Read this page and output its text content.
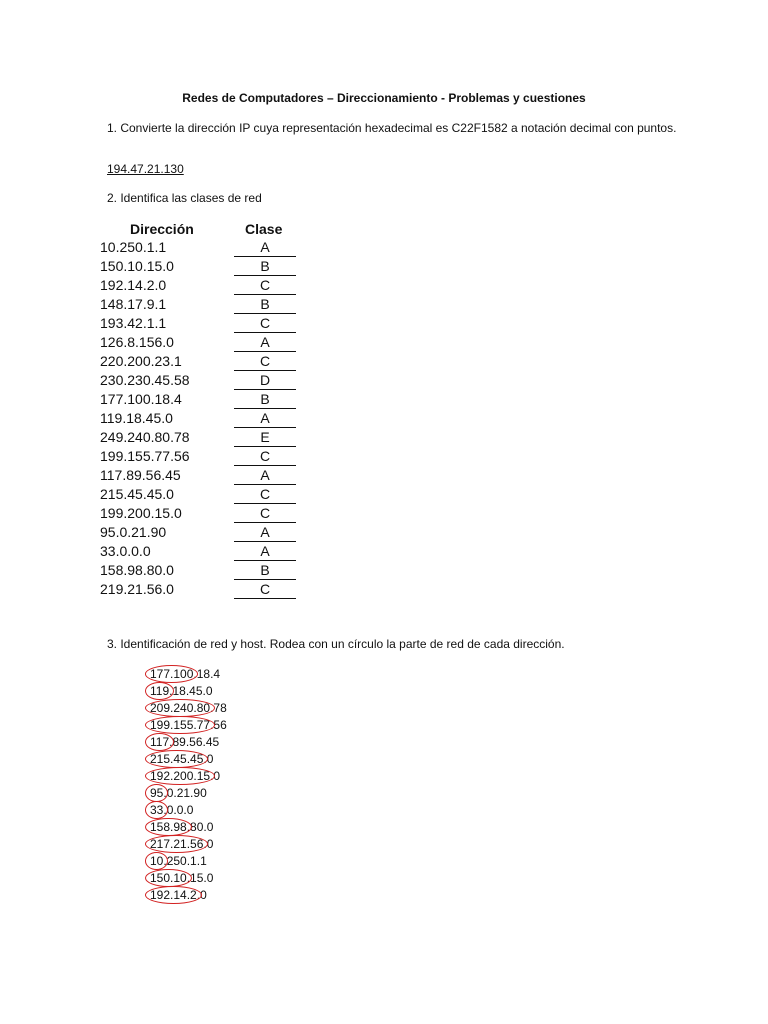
Redes de Computadores – Direccionamiento - Problemas y cuestiones
1. Convierte la dirección IP cuya representación hexadecimal es C22F1582 a notación decimal con puntos.
194.47.21.130
2. Identifica las clases de red
Dirección	Clase
10.250.1.1	A
150.10.15.0	B
192.14.2.0	C
148.17.9.1	B
193.42.1.1	C
126.8.156.0	A
220.200.23.1	C
230.230.45.58	D
177.100.18.4	B
119.18.45.0	A
249.240.80.78	E
199.155.77.56	C
117.89.56.45	A
215.45.45.0	C
199.200.15.0	C
95.0.21.90	A
33.0.0.0	A
158.98.80.0	B
219.21.56.0	C
3. Identificación de red y host. Rodea con un círculo la parte de red de cada dirección.
177.100.18.4
119.18.45.0
209.240.80.78
199.155.77.56
117.89.56.45
215.45.45.0
192.200.15.0
95.0.21.90
33.0.0.0
158.98.80.0
217.21.56.0
10.250.1.1
150.10.15.0
192.14.2.0
